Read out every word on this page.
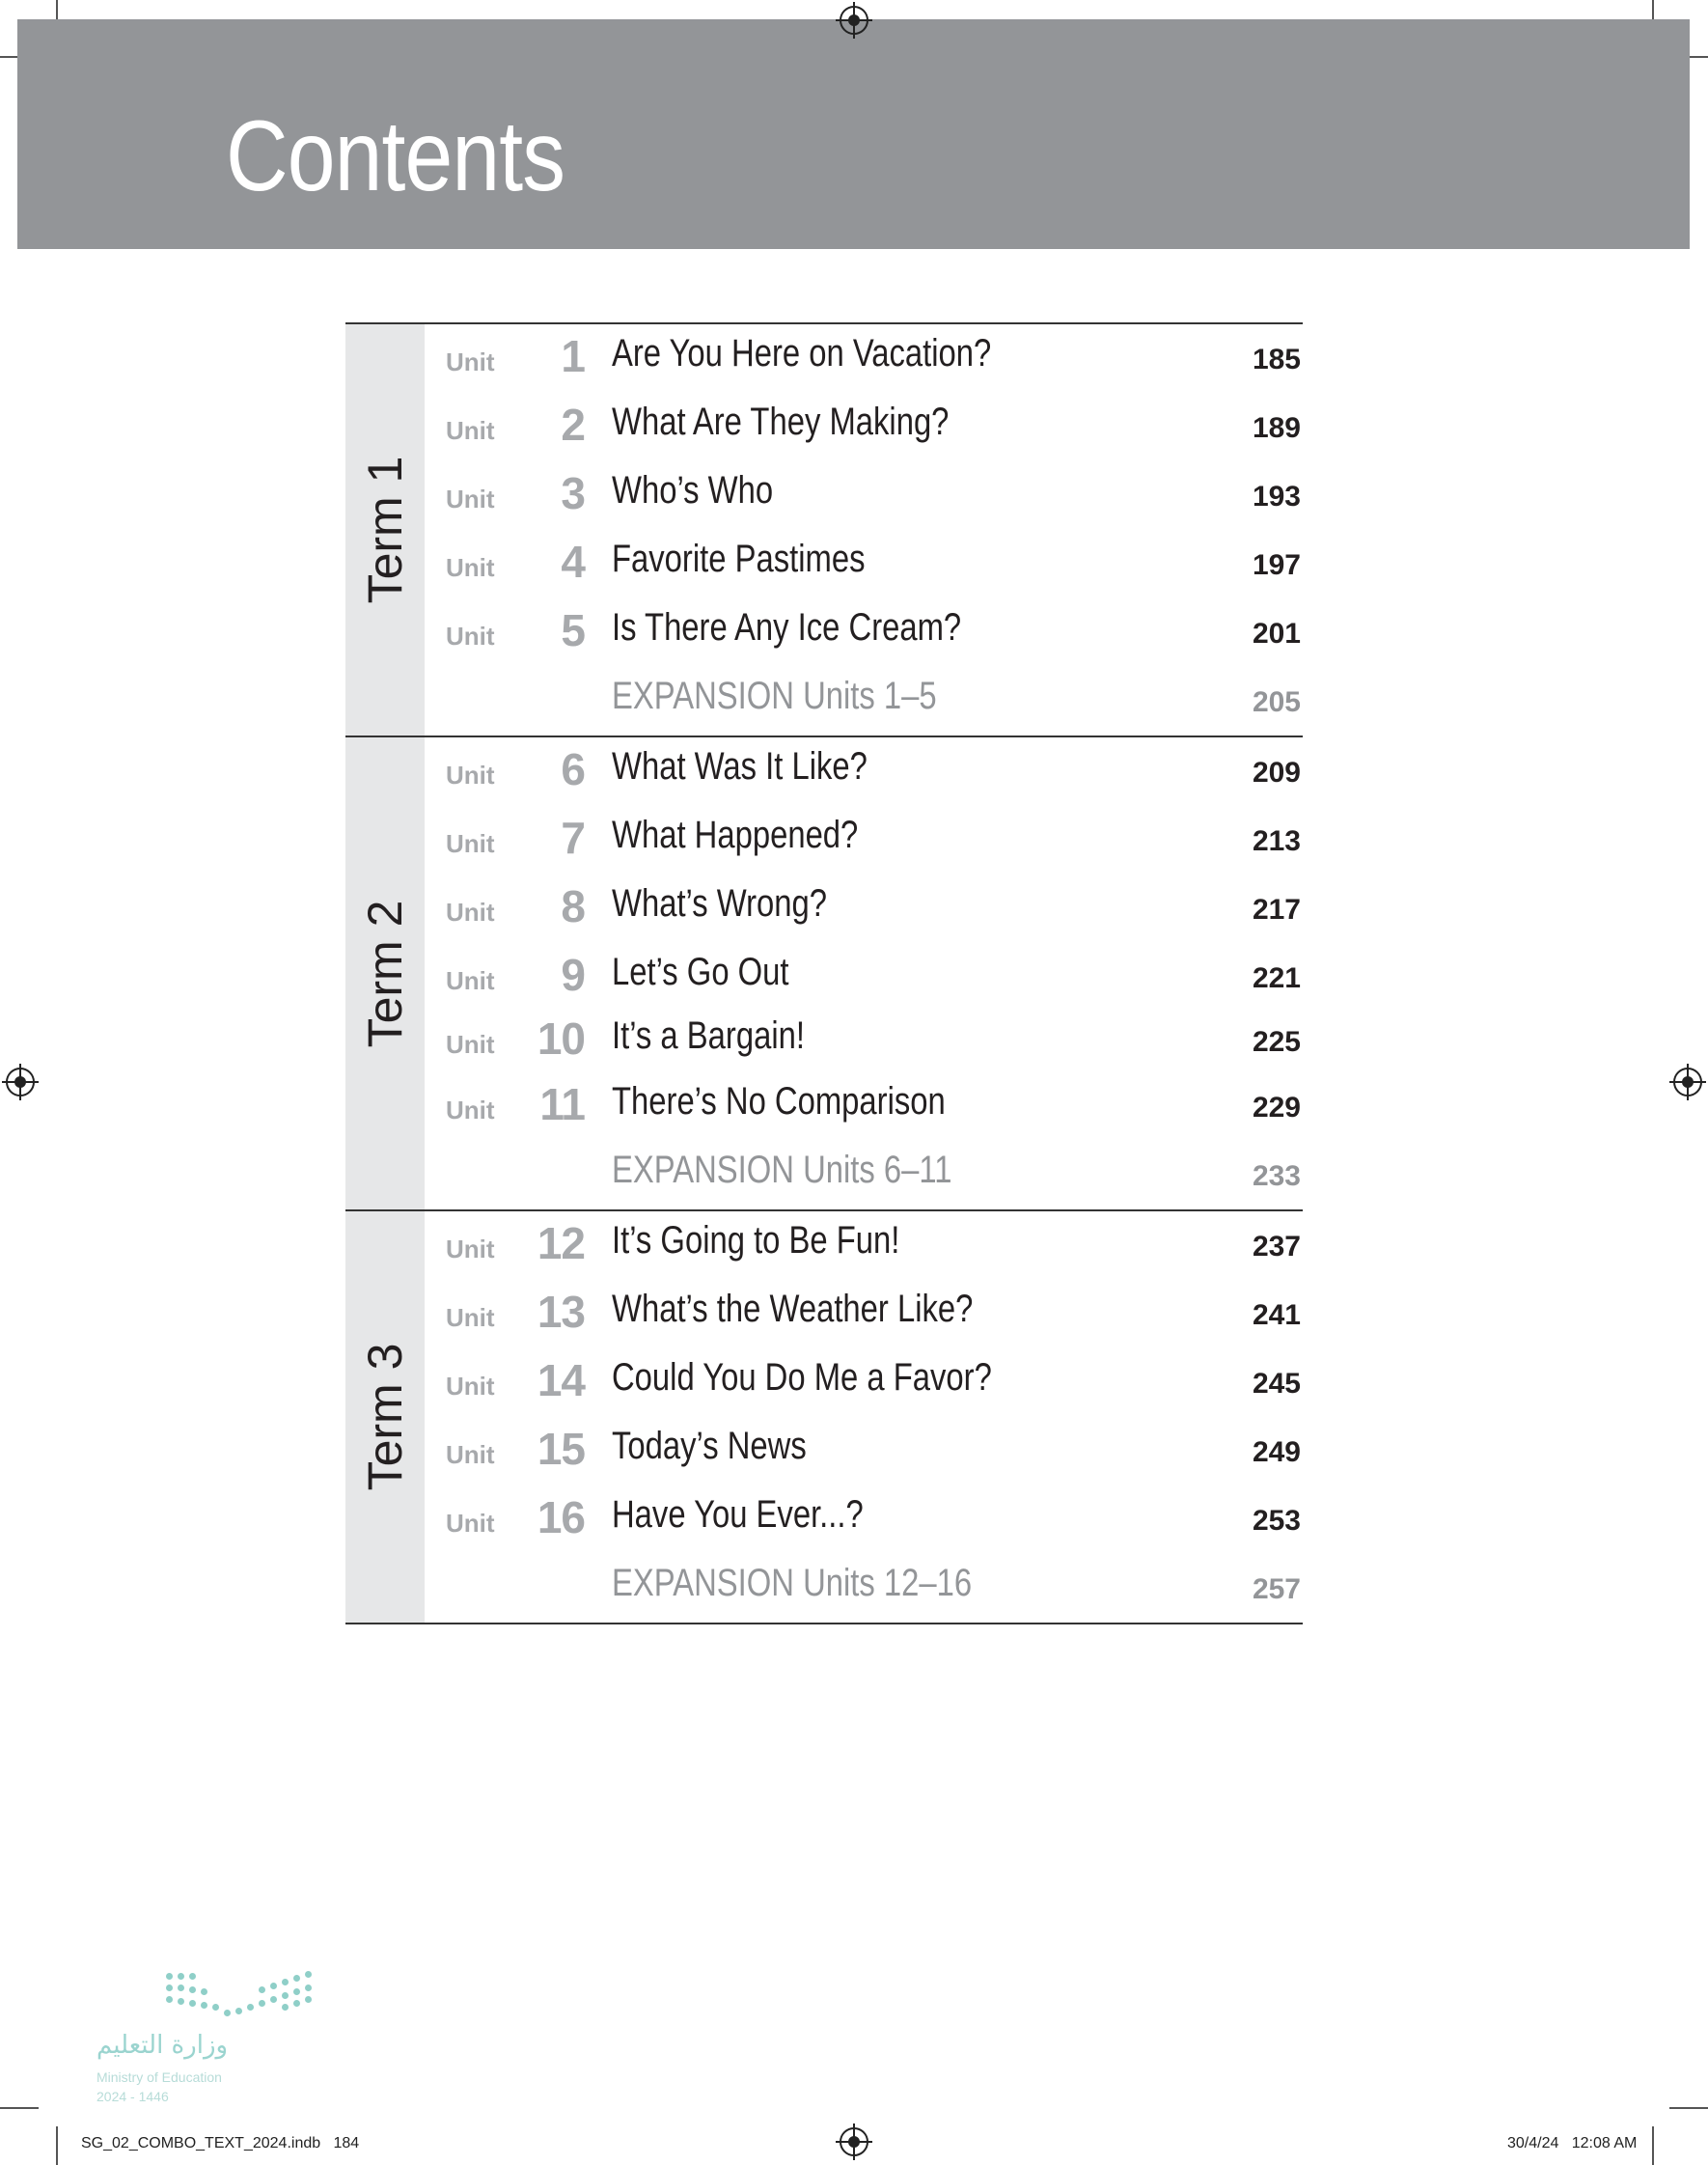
Contents
Term 1
Unit 1 Are You Here on Vacation?	185
Unit 2 What Are They Making?	189
Unit 3 Who’s Who	193
Unit 4 Favorite Pastimes	197
Unit 5 Is There Any Ice Cream?	201
EXPANSION Units 1–5	205
Term 2
Unit 6 What Was It Like?	209
Unit 7 What Happened?	213
Unit 8 What’s Wrong?	217
Unit 9 Let’s Go Out	221
Unit 10 It’s a Bargain!	225
Unit 11 There’s No Comparison	229
EXPANSION Units 6–11	233
Term 3
Unit 12 It’s Going to Be Fun!	237
Unit 13 What’s the Weather Like?	241
Unit 14 Could You Do Me a Favor?	245
Unit 15 Today’s News	249
Unit 16 Have You Ever...?	253
EXPANSION Units 12–16	257
وزارة التعليم
Ministry of Education
2024 - 1446
SG_02_COMBO_TEXT_2024.indb   184	30/4/24   12:08 AM
